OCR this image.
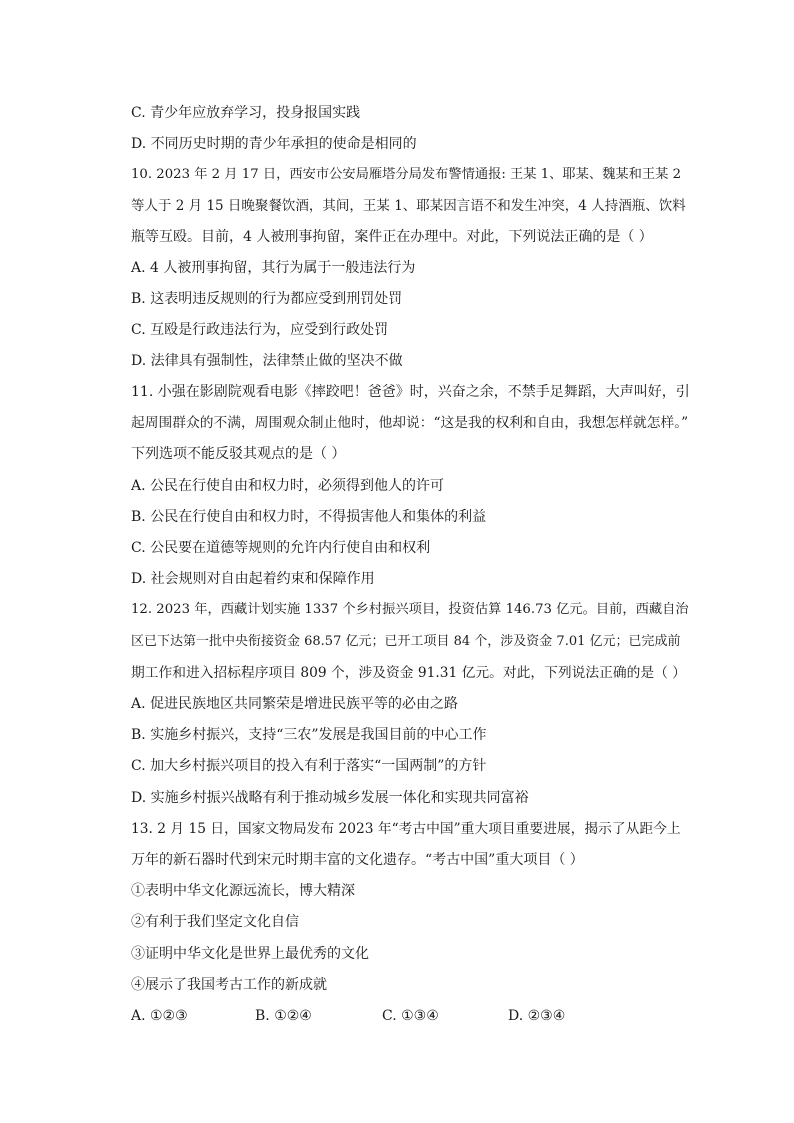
C. 青少年应放弃学习，投身报国实践
D. 不同历史时期的青少年承担的使命是相同的
10. 2023 年 2 月 17 日，西安市公安局雁塔分局发布警情通报: 王某 1、耶某、魏某和王某 2
等人于 2 月 15 日晚聚餐饮酒，其间，王某 1、耶某因言语不和发生冲突，4 人持酒瓶、饮料
瓶等互殴。目前，4 人被刑事拘留，案件正在办理中。对此，下列说法正确的是（ ）
A. 4 人被刑事拘留，其行为属于一般违法行为
B. 这表明违反规则的行为都应受到刑罚处罚
C. 互殴是行政违法行为，应受到行政处罚
D. 法律具有强制性，法律禁止做的坚决不做
11. 小强在影剧院观看电影《摔跤吧！爸爸》时，兴奋之余，不禁手足舞蹈，大声叫好，引
起周围群众的不满，周围观众制止他时，他却说：“这是我的权利和自由，我想怎样就怎样。”
下列选项不能反驳其观点的是（ ）
A. 公民在行使自由和权力时，必须得到他人的许可
B. 公民在行使自由和权力时，不得损害他人和集体的利益
C. 公民要在道德等规则的允许内行使自由和权利
D. 社会规则对自由起着约束和保障作用
12. 2023 年，西藏计划实施 1337 个乡村振兴项目，投资估算 146.73 亿元。目前，西藏自治
区已下达第一批中央衔接资金 68.57 亿元；已开工项目 84 个，涉及资金 7.01 亿元；已完成前
期工作和进入招标程序项目 809 个，涉及资金 91.31 亿元。对此，下列说法正确的是（ ）
A. 促进民族地区共同繁荣是增进民族平等的必由之路
B. 实施乡村振兴，支持“三农”发展是我国目前的中心工作
C. 加大乡村振兴项目的投入有利于落实“一国两制”的方针
D. 实施乡村振兴战略有利于推动城乡发展一体化和实现共同富裕
13. 2 月 15 日，国家文物局发布 2023 年“考古中国”重大项目重要进展，揭示了从距今上
万年的新石器时代到宋元时期丰富的文化遗存。“考古中国”重大项目（ ）
①表明中华文化源远流长，博大精深
②有利于我们坚定文化自信
③证明中华文化是世界上最优秀的文化
④展示了我国考古工作的新成就
A. ①②③	B. ①②④	C. ①③④	D. ②③④
